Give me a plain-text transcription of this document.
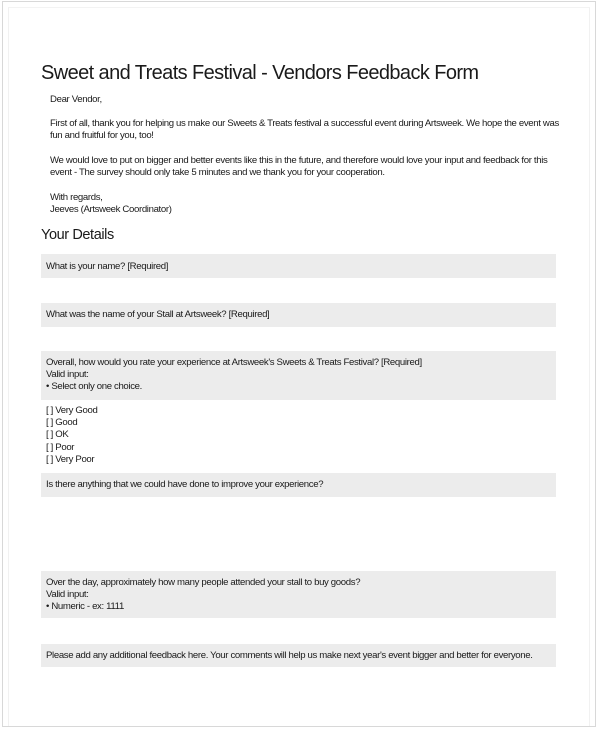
Sweet and Treats Festival - Vendors Feedback Form

Dear Vendor,

First of all, thank you for helping us make our Sweets & Treats festival a successful event during Artsweek. We hope the event was fun and fruitful for you, too!

We would love to put on bigger and better events like this in the future, and therefore would love your input and feedback for this event - The survey should only take 5 minutes and we thank you for your cooperation.

With regards,

Jeeves (Artsweek Coordinator)

Your Details
What is your name? [Required]
What was the name of your Stall at Artsweek? [Required]
Overall, how would you rate your experience at Artsweek's Sweets & Treats Festival? [Required]
Valid input:
• Select only one choice.
[ ] Very Good
[ ] Good
[ ] OK
[ ] Poor
[ ] Very Poor
Is there anything that we could have done to improve your experience?
Over the day, approximately how many people attended your stall to buy goods?
Valid input:
• Numeric - ex: 1111
Please add any additional feedback here. Your comments will help us make next year's event bigger and better for everyone.
